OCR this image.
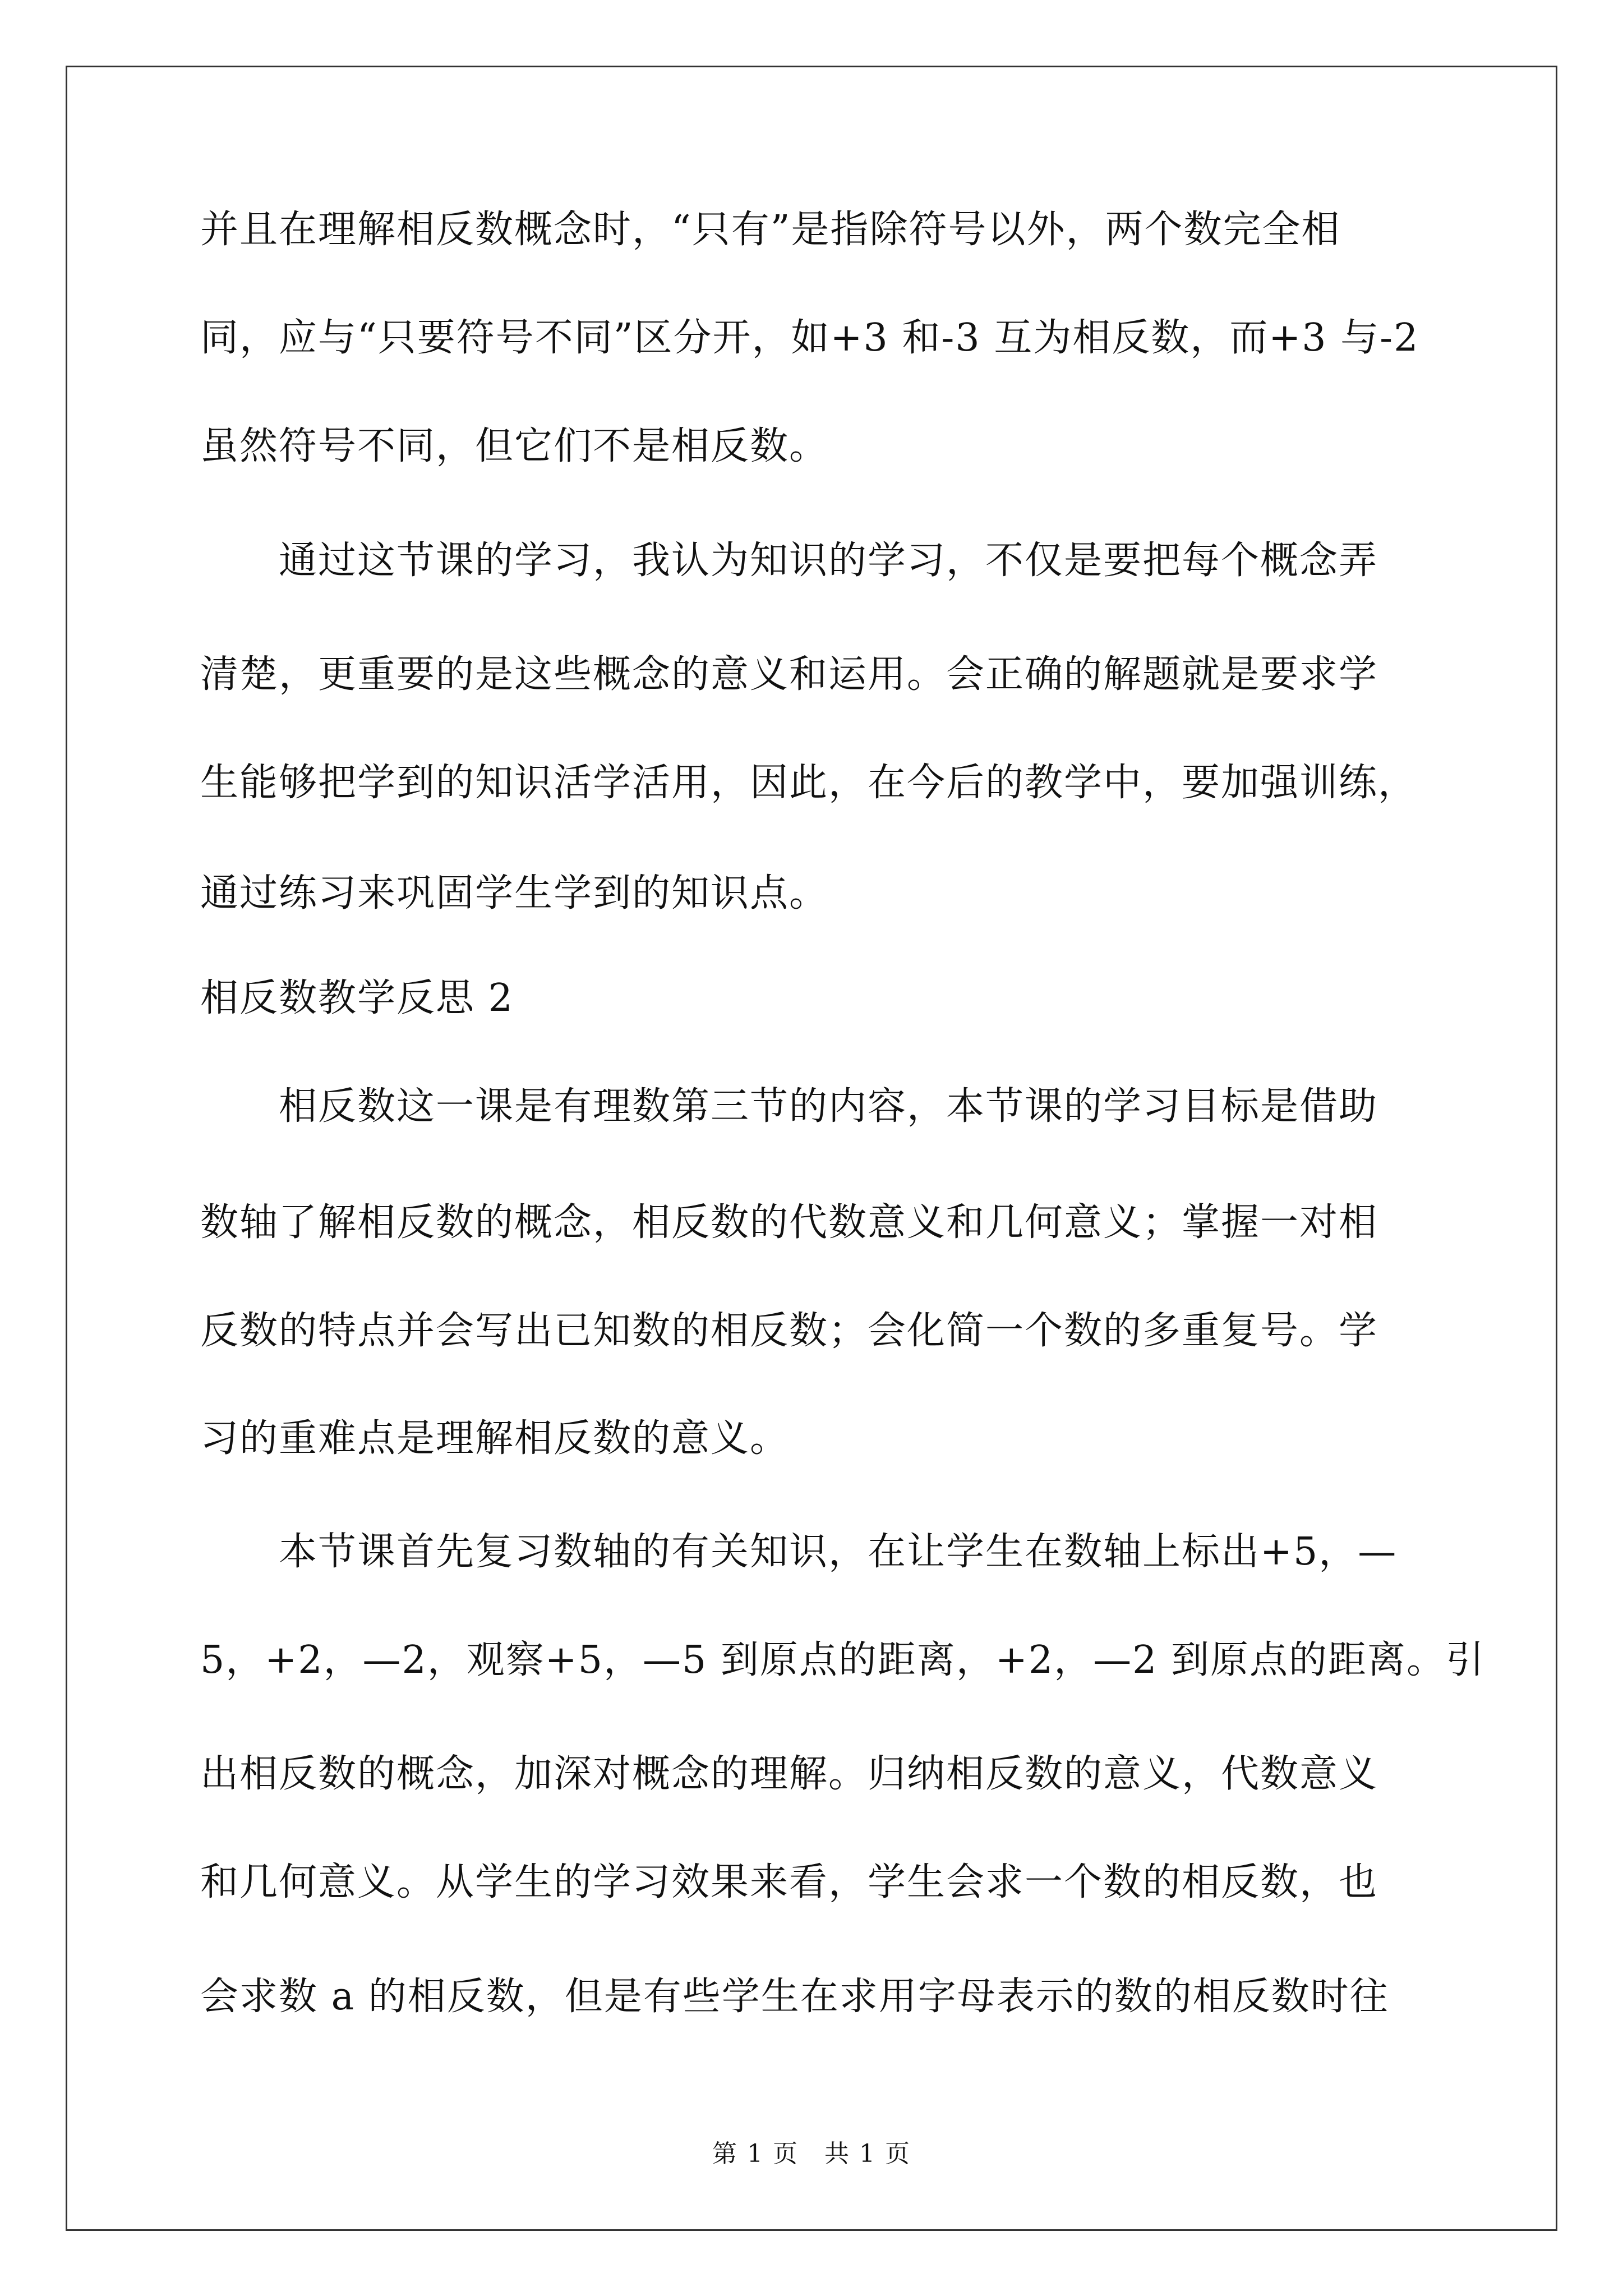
并且在理解相反数概念时，“只有”是指除符号以外，两个数完全相
同，应与“只要符号不同”区分开，如+3 和-3 互为相反数，而+3 与-2
虽然符号不同，但它们不是相反数。
　　通过这节课的学习，我认为知识的学习，不仅是要把每个概念弄
清楚，更重要的是这些概念的意义和运用。会正确的解题就是要求学
生能够把学到的知识活学活用，因此，在今后的教学中，要加强训练，
通过练习来巩固学生学到的知识点。
相反数教学反思 2
　　相反数这一课是有理数第三节的内容，本节课的学习目标是借助
数轴了解相反数的概念，相反数的代数意义和几何意义；掌握一对相
反数的特点并会写出已知数的相反数；会化简一个数的多重复号。学
习的重难点是理解相反数的意义。
　　本节课首先复习数轴的有关知识，在让学生在数轴上标出+5，—
5，+2，—2，观察+5，—5 到原点的距离，+2，—2 到原点的距离。引
出相反数的概念，加深对概念的理解。归纳相反数的意义，代数意义
和几何意义。从学生的学习效果来看，学生会求一个数的相反数，也
会求数 a 的相反数，但是有些学生在求用字母表示的数的相反数时往
第 1 页　共 1 页
